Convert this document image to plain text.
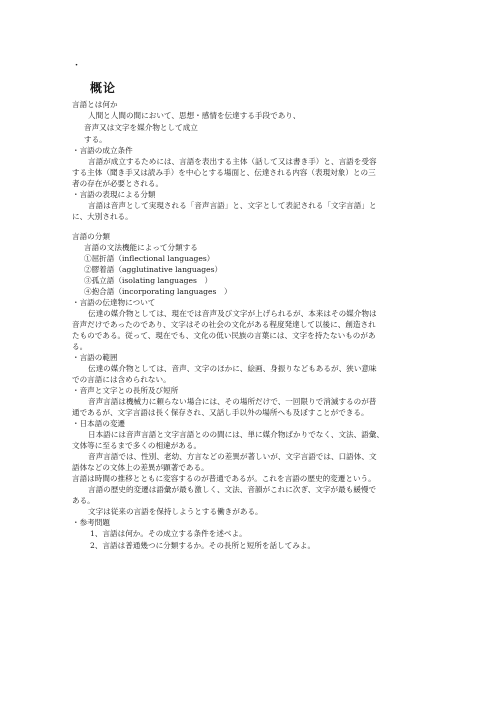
・
概论
言語とは何か
人間と人間の間において、思想・感情を伝達する手段であり、
音声又は文字を媒介物として成立
する。
・言語の成立条件
言語が成立するためには、言語を表出する主体（話して又は書き手）と、言語を受容
する主体（聞き手又は読み手）を中心とする場面と、伝達される内容（表現対象）との三
者の存在が必要とされる。
・言語の表現による分類
言語は音声として実現される「音声言語」と、文字として表記される「文字言語」と
に、大別される。
言語の分類
言語の文法機能によって分類する
①屈折語（inflectional languages）
②膠着語（agglutinative languages）
③孤立語（isolating languages　）
④抱合語（incorporating languages　）
・言語の伝達物について
伝達の媒介物としては、現在では音声及び文字が上げられるが、本来はその媒介物は
音声だけであったのであり、文字はその社会の文化がある程度発達して以後に、創造され
たものである。従って、現在でも、文化の低い民族の言葉には、文字を持たないものがあ
る。
・言語の範囲
伝達の媒介物としては、音声、文字のほかに、絵画、身振りなどもあるが、狭い意味
での言語には含められない。
・音声と文字との長所及び短所
音声言語は機械力に頼らない場合には、その場所だけで、一回限りで消滅するのが普
通であるが、文字言語は長く保存され、又話し手以外の場所へも及ぼすことができる。
・日本語の変遷
日本語には音声言語と文字言語とのの間には、単に媒介物ばかりでなく、文法、語彙、
文体等に至るまで多くの相違がある。
音声言語では、性別、老幼、方言などの差異が著しいが、文字言語では、口語体、文
語体などの文体上の差異が顕著である。
言語は時間の推移とともに変容するのが普通であるが。これを言語の歴史的変遷という。
言語の歴史的変遷は語彙が最も激しく、文法、音韻がこれに次ぎ、文字が最も緩慢で
ある。
文字は従来の言語を保持しようとする働きがある。
・参考問題
1、言語は何か。その成立する条件を述べよ。
2、言語は普通幾つに分類するか。その長所と短所を話してみよ。
